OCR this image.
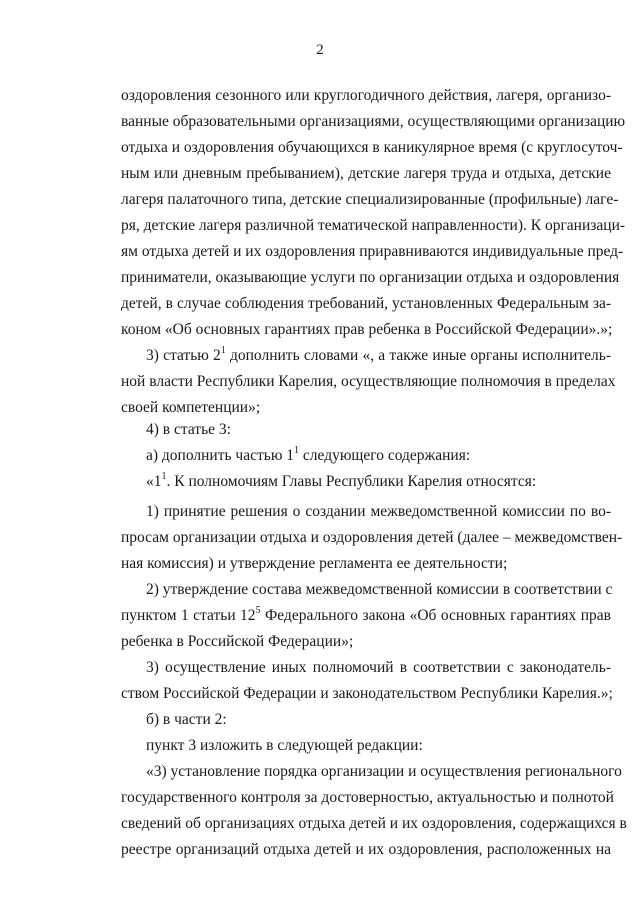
2
оздоровления сезонного или круглогодичного действия, лагеря, организо-
ванные образовательными организациями, осуществляющими организацию
отдыха и оздоровления обучающихся в каникулярное время (с круглосуточ-
ным или дневным пребыванием), детские лагеря труда и отдыха, детские
лагеря палаточного типа, детские специализированные (профильные) лаге-
ря, детские лагеря различной тематической направленности). К организаци-
ям отдыха детей и их оздоровления приравниваются индивидуальные пред-
приниматели, оказывающие услуги по организации отдыха и оздоровления
детей, в случае соблюдения требований, установленных Федеральным за-
коном «Об основных гарантиях прав ребенка в Российской Федерации».»;
3) статью $2^1$ дополнить словами «, а также иные органы исполнитель-
ной власти Республики Карелия, осуществляющие полномочия в пределах
своей компетенции»;
4) в статье 3:
а) дополнить частью $1^1$ следующего содержания:
«$1^1$. К полномочиям Главы Республики Карелия относятся:
1) принятие решения о создании межведомственной комиссии по во-
просам организации отдыха и оздоровления детей (далее – межведомствен-
ная комиссия) и утверждение регламента ее деятельности;
2) утверждение состава межведомственной комиссии в соответствии с
пунктом 1 статьи $12^5$ Федерального закона «Об основных гарантиях прав
ребенка в Российской Федерации»;
3) осуществление иных полномочий в соответствии с законодатель-
ством Российской Федерации и законодательством Республики Карелия.»;
б) в части 2:
пункт 3 изложить в следующей редакции:
«3) установление порядка организации и осуществления регионального
государственного контроля за достоверностью, актуальностью и полнотой
сведений об организациях отдыха детей и их оздоровления, содержащихся в
реестре организаций отдыха детей и их оздоровления, расположенных на
